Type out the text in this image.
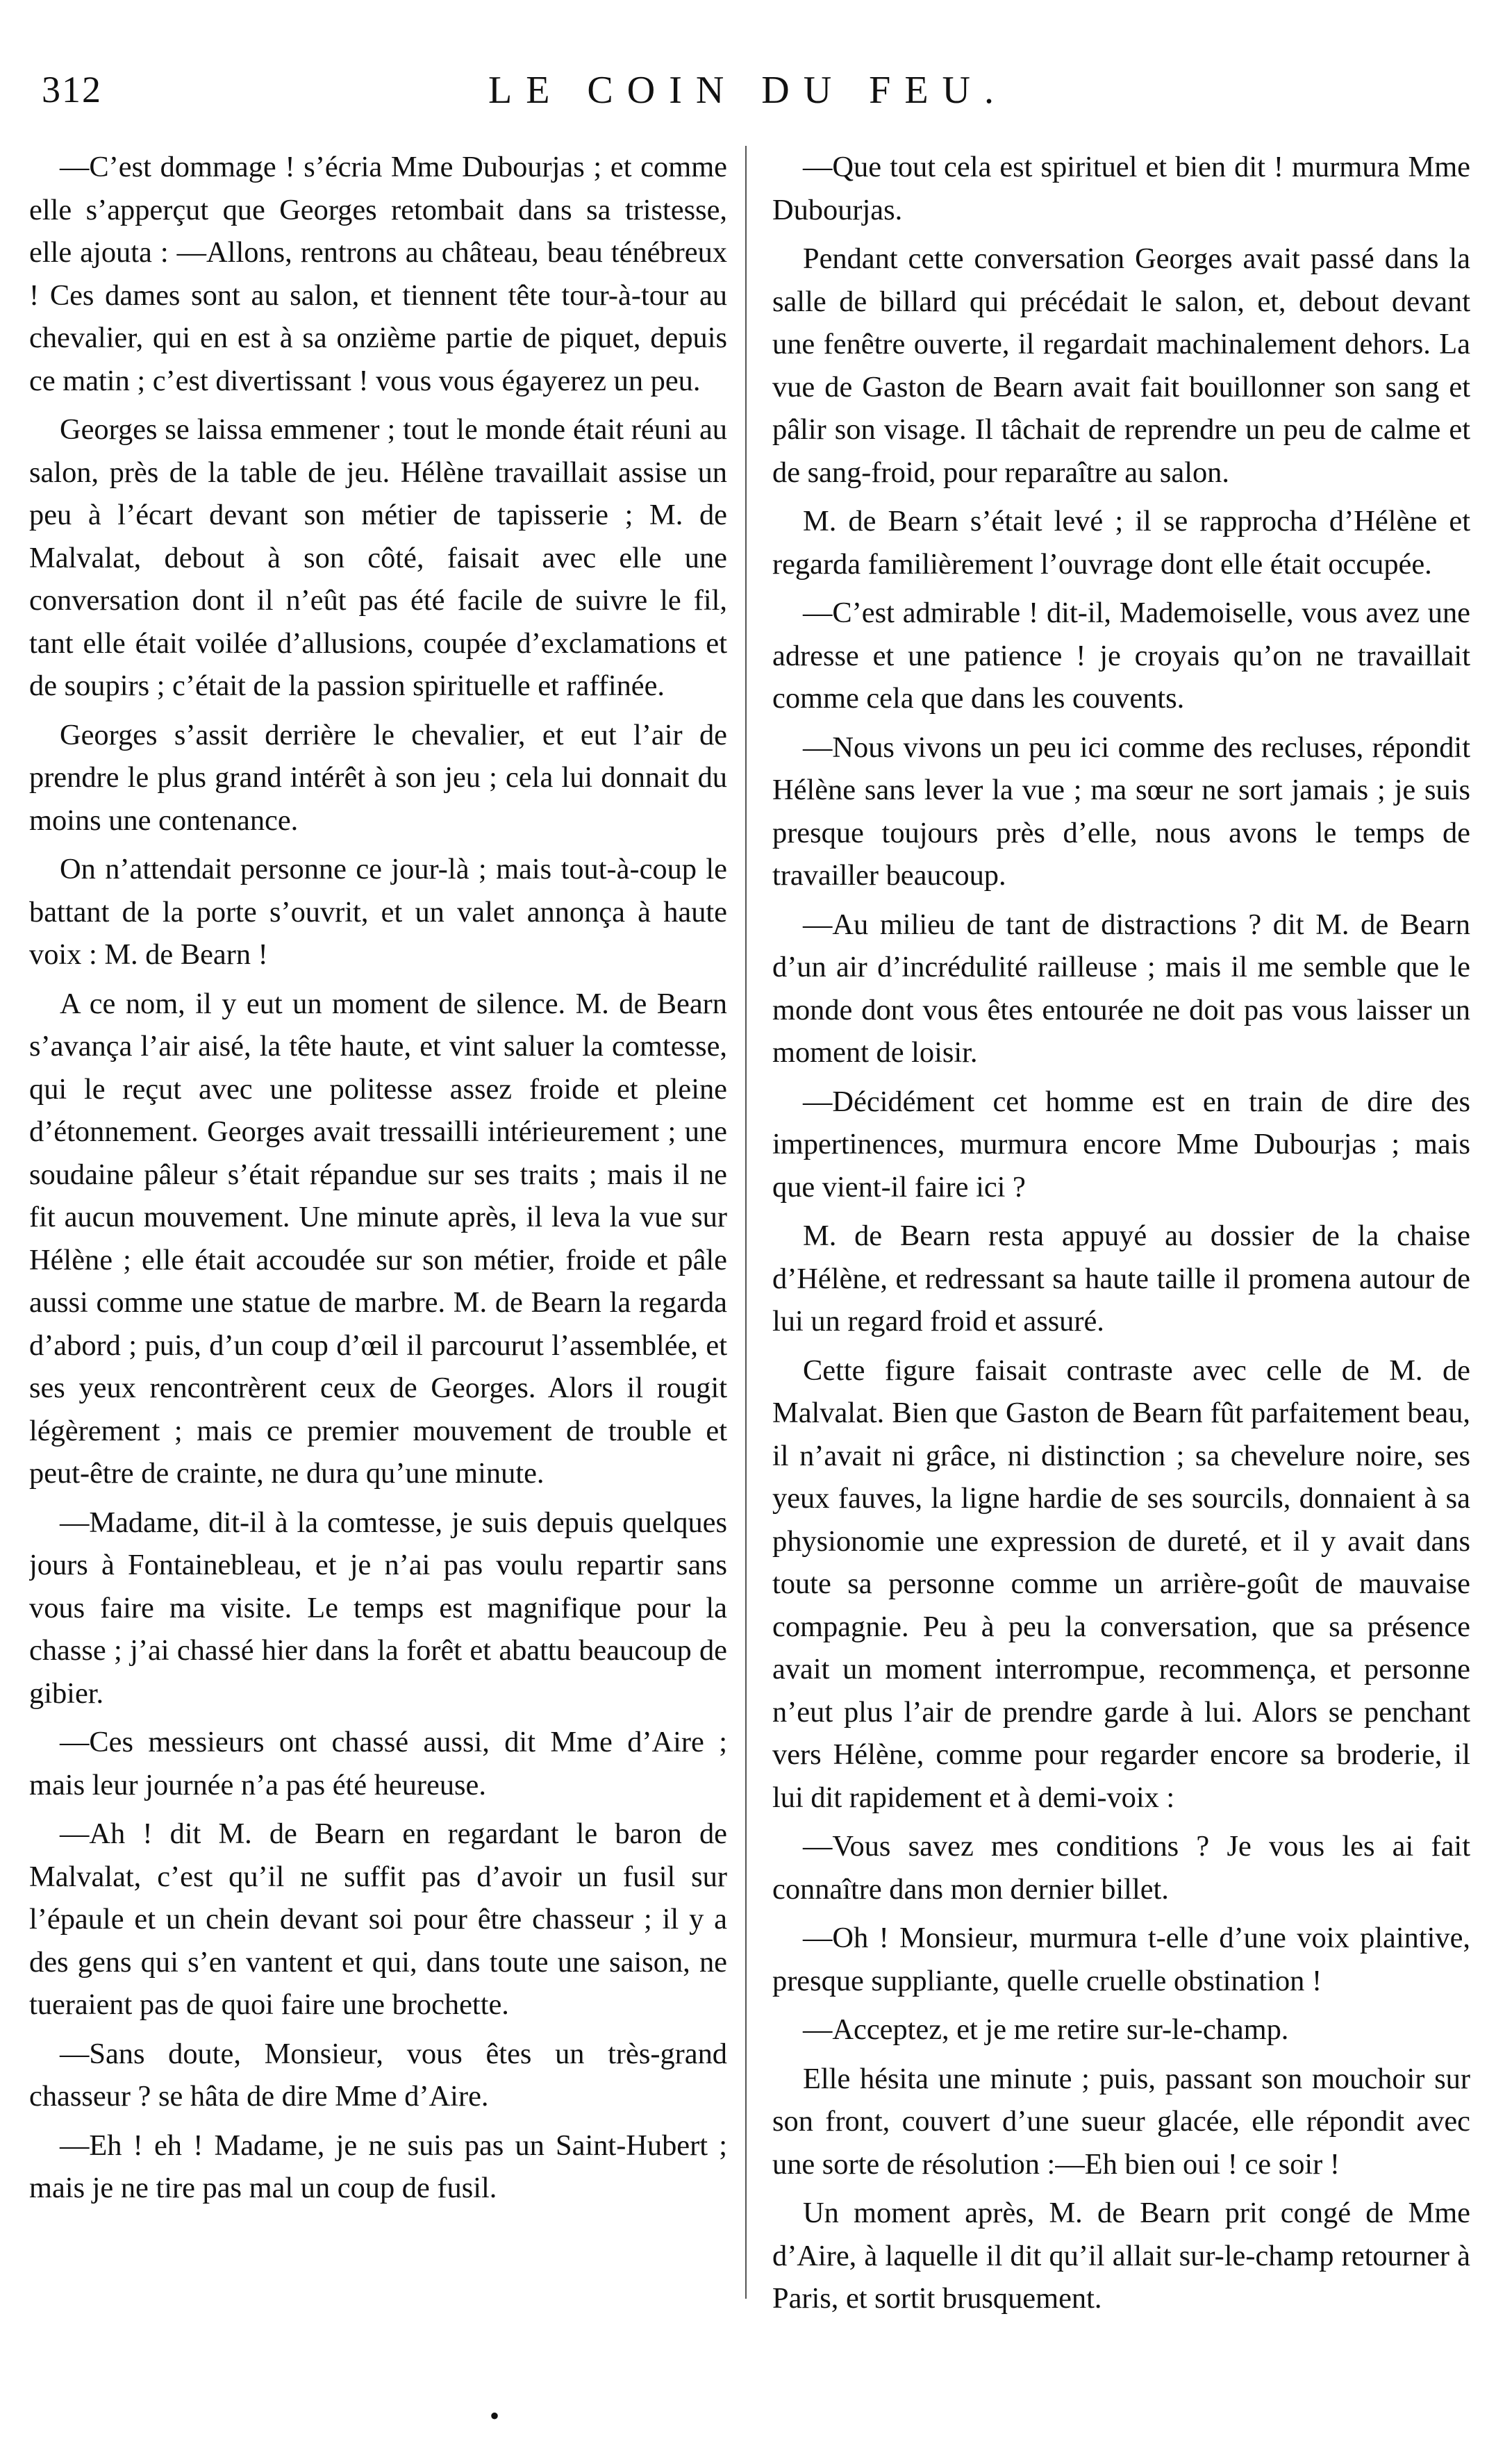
312	LE COIN DU FEU.

—C’est dommage ! s’écria Mme Dubourjas ; et comme elle s’apperçut que Georges retombait dans sa tristesse, elle ajouta : —Allons, rentrons au château, beau ténébreux ! Ces dames sont au salon, et tiennent tête tour-à-tour au chevalier, qui en est à sa onzième partie de piquet, depuis ce matin ; c’est divertissant ! vous vous égayerez un peu.

Georges se laissa emmener ; tout le monde était réuni au salon, près de la table de jeu. Hélène travaillait assise un peu à l’écart devant son métier de tapisserie ; M. de Malvalat, debout à son côté, faisait avec elle une conversation dont il n’eût pas été facile de suivre le fil, tant elle était voilée d’allusions, coupée d’exclamations et de soupirs ; c’était de la passion spirituelle et raffinée.

Georges s’assit derrière le chevalier, et eut l’air de prendre le plus grand intérêt à son jeu ; cela lui donnait du moins une contenance.

On n’attendait personne ce jour-là ; mais tout-à-coup le battant de la porte s’ouvrit, et un valet annonça à haute voix : M. de Bearn !

A ce nom, il y eut un moment de silence. M. de Bearn s’avança l’air aisé, la tête haute, et vint saluer la comtesse, qui le reçut avec une politesse assez froide et pleine d’étonnement. Georges avait tressailli intérieurement ; une soudaine pâleur s’était répandue sur ses traits ; mais il ne fit aucun mouvement. Une minute après, il leva la vue sur Hélène ; elle était accoudée sur son métier, froide et pâle aussi comme une statue de marbre. M. de Bearn la regarda d’abord ; puis, d’un coup d’œil il parcourut l’assemblée, et ses yeux rencontrèrent ceux de Georges. Alors il rougit légèrement ; mais ce premier mouvement de trouble et peut-être de crainte, ne dura qu’une minute.

—Madame, dit-il à la comtesse, je suis depuis quelques jours à Fontainebleau, et je n’ai pas voulu repartir sans vous faire ma visite. Le temps est magnifique pour la chasse ; j’ai chassé hier dans la forêt et abattu beaucoup de gibier.

—Ces messieurs ont chassé aussi, dit Mme d’Aire ; mais leur journée n’a pas été heureuse.

—Ah ! dit M. de Bearn en regardant le baron de Malvalat, c’est qu’il ne suffit pas d’avoir un fusil sur l’épaule et un chein devant soi pour être chasseur ; il y a des gens qui s’en vantent et qui, dans toute une saison, ne tueraient pas de quoi faire une brochette.

—Sans doute, Monsieur, vous êtes un très-grand chasseur ? se hâta de dire Mme d’Aire.

—Eh ! eh ! Madame, je ne suis pas un Saint-Hubert ; mais je ne tire pas mal un coup de fusil.

—Que tout cela est spirituel et bien dit ! murmura Mme Dubourjas.

Pendant cette conversation Georges avait passé dans la salle de billard qui précédait le salon, et, debout devant une fenêtre ouverte, il regardait machinalement dehors. La vue de Gaston de Bearn avait fait bouillonner son sang et pâlir son visage. Il tâchait de reprendre un peu de calme et de sang-froid, pour reparaître au salon.

M. de Bearn s’était levé ; il se rapprocha d’Hélène et regarda familièrement l’ouvrage dont elle était occupée.

—C’est admirable ! dit-il, Mademoiselle, vous avez une adresse et une patience ! je croyais qu’on ne travaillait comme cela que dans les couvents.

—Nous vivons un peu ici comme des recluses, répondit Hélène sans lever la vue ; ma sœur ne sort jamais ; je suis presque toujours près d’elle, nous avons le temps de travailler beaucoup.

—Au milieu de tant de distractions ? dit M. de Bearn d’un air d’incrédulité railleuse ; mais il me semble que le monde dont vous êtes entourée ne doit pas vous laisser un moment de loisir.

—Décidément cet homme est en train de dire des impertinences, murmura encore Mme Dubourjas ; mais que vient-il faire ici ?

M. de Bearn resta appuyé au dossier de la chaise d’Hélène, et redressant sa haute taille il promena autour de lui un regard froid et assuré.

Cette figure faisait contraste avec celle de M. de Malvalat. Bien que Gaston de Bearn fût parfaitement beau, il n’avait ni grâce, ni distinction ; sa chevelure noire, ses yeux fauves, la ligne hardie de ses sourcils, donnaient à sa physionomie une expression de dureté, et il y avait dans toute sa personne comme un arrière-goût de mauvaise compagnie. Peu à peu la conversation, que sa présence avait un moment interrompue, recommença, et personne n’eut plus l’air de prendre garde à lui. Alors se penchant vers Hélène, comme pour regarder encore sa broderie, il lui dit rapidement et à demi-voix :

—Vous savez mes conditions ? Je vous les ai fait connaître dans mon dernier billet.

—Oh ! Monsieur, murmura t-elle d’une voix plaintive, presque suppliante, quelle cruelle obstination !

—Acceptez, et je me retire sur-le-champ.

Elle hésita une minute ; puis, passant son mouchoir sur son front, couvert d’une sueur glacée, elle répondit avec une sorte de résolution :—Eh bien oui ! ce soir !

Un moment après, M. de Bearn prit congé de Mme d’Aire, à laquelle il dit qu’il allait sur-le-champ retourner à Paris, et sortit brusquement.

•
